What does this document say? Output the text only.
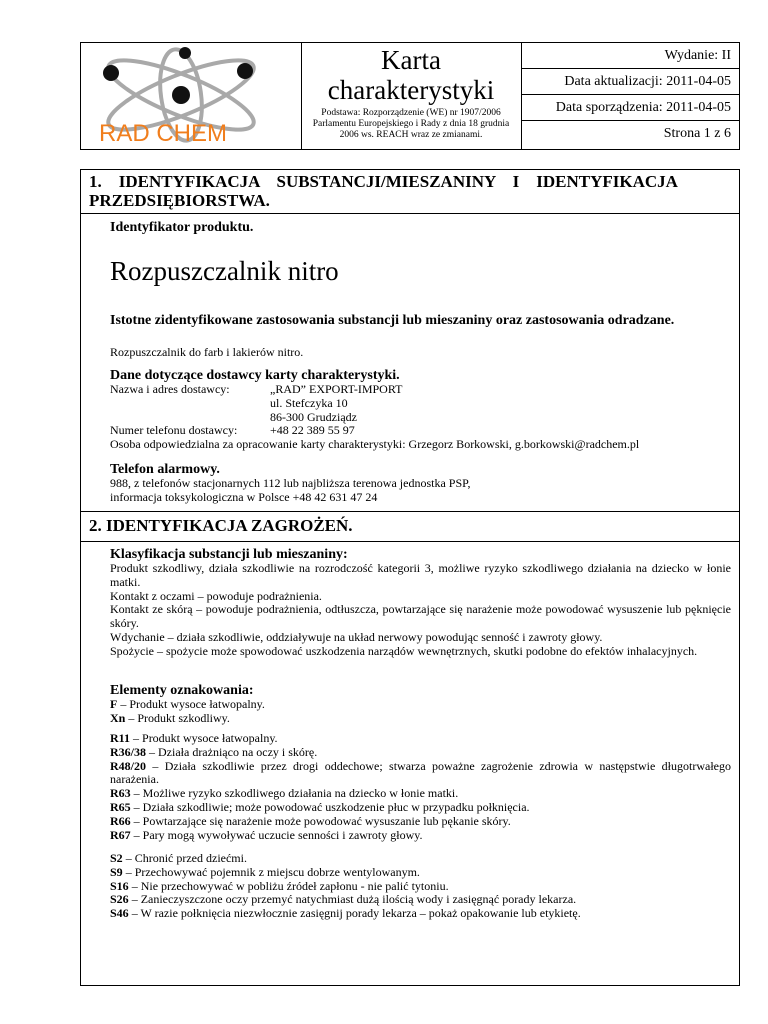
RAD CHEM
Karta
charakterystyki
Podstawa: Rozporządzenie (WE) nr 1907/2006 Parlamentu Europejskiego i Rady z dnia 18 grudnia 2006 ws. REACH wraz ze zmianami.
Wydanie: II
Data aktualizacji: 2011-04-05
Data sporządzenia: 2011-04-05
Strona 1 z 6
1.    IDENTYFIKACJA    SUBSTANCJI/MIESZANINY    I    IDENTYFIKACJA
PRZEDSIĘBIORSTWA.
Identyfikator produktu.
Rozpuszczalnik nitro
Istotne zidentyfikowane zastosowania substancji lub mieszaniny oraz zastosowania odradzane.
Rozpuszczalnik do farb i lakierów nitro.
Dane dotyczące dostawcy karty charakterystyki.
Nazwa i adres dostawcy:	„RAD” EXPORT-IMPORT
ul. Stefczyka 10
86-300 Grudziądz
Numer telefonu dostawcy:	+48 22 389 55 97
Osoba odpowiedzialna za opracowanie karty charakterystyki: Grzegorz Borkowski, g.borkowski@radchem.pl
Telefon alarmowy.
988, z telefonów stacjonarnych 112 lub najbliższa terenowa jednostka PSP,
informacja toksykologiczna w Polsce +48 42 631 47 24
2. IDENTYFIKACJA ZAGROŻEŃ.
Klasyfikacja substancji lub mieszaniny:
Produkt szkodliwy, działa szkodliwie na rozrodczość kategorii 3, możliwe ryzyko szkodliwego działania na dziecko w łonie matki.
Kontakt z oczami – powoduje podrażnienia.
Kontakt ze skórą – powoduje podrażnienia, odtłuszcza, powtarzające się narażenie może powodować wysuszenie lub pęknięcie skóry.
Wdychanie – działa szkodliwie, oddziaływuje na układ nerwowy powodując senność i zawroty głowy.
Spożycie – spożycie może spowodować uszkodzenia narządów wewnętrznych, skutki podobne do efektów inhalacyjnych.
Elementy oznakowania:
F – Produkt wysoce łatwopalny.
Xn – Produkt szkodliwy.
R11 – Produkt wysoce łatwopalny.
R36/38 – Działa drażniąco na oczy i skórę.
R48/20 – Działa szkodliwie przez drogi oddechowe; stwarza poważne zagrożenie zdrowia w następstwie długotrwałego narażenia.
R63 – Możliwe ryzyko szkodliwego działania na dziecko w łonie matki.
R65 – Działa szkodliwie; może powodować uszkodzenie płuc w przypadku połknięcia.
R66 – Powtarzające się narażenie może powodować wysuszanie lub pękanie skóry.
R67 – Pary mogą wywoływać uczucie senności i zawroty głowy.
S2 – Chronić przed dziećmi.
S9 – Przechowywać pojemnik z miejscu dobrze wentylowanym.
S16 – Nie przechowywać w pobliżu źródeł zapłonu - nie palić tytoniu.
S26 – Zanieczyszczone oczy przemyć natychmiast dużą ilością wody i zasięgnąć porady lekarza.
S46 – W razie połknięcia niezwłocznie zasięgnij porady lekarza – pokaż opakowanie lub etykietę.
